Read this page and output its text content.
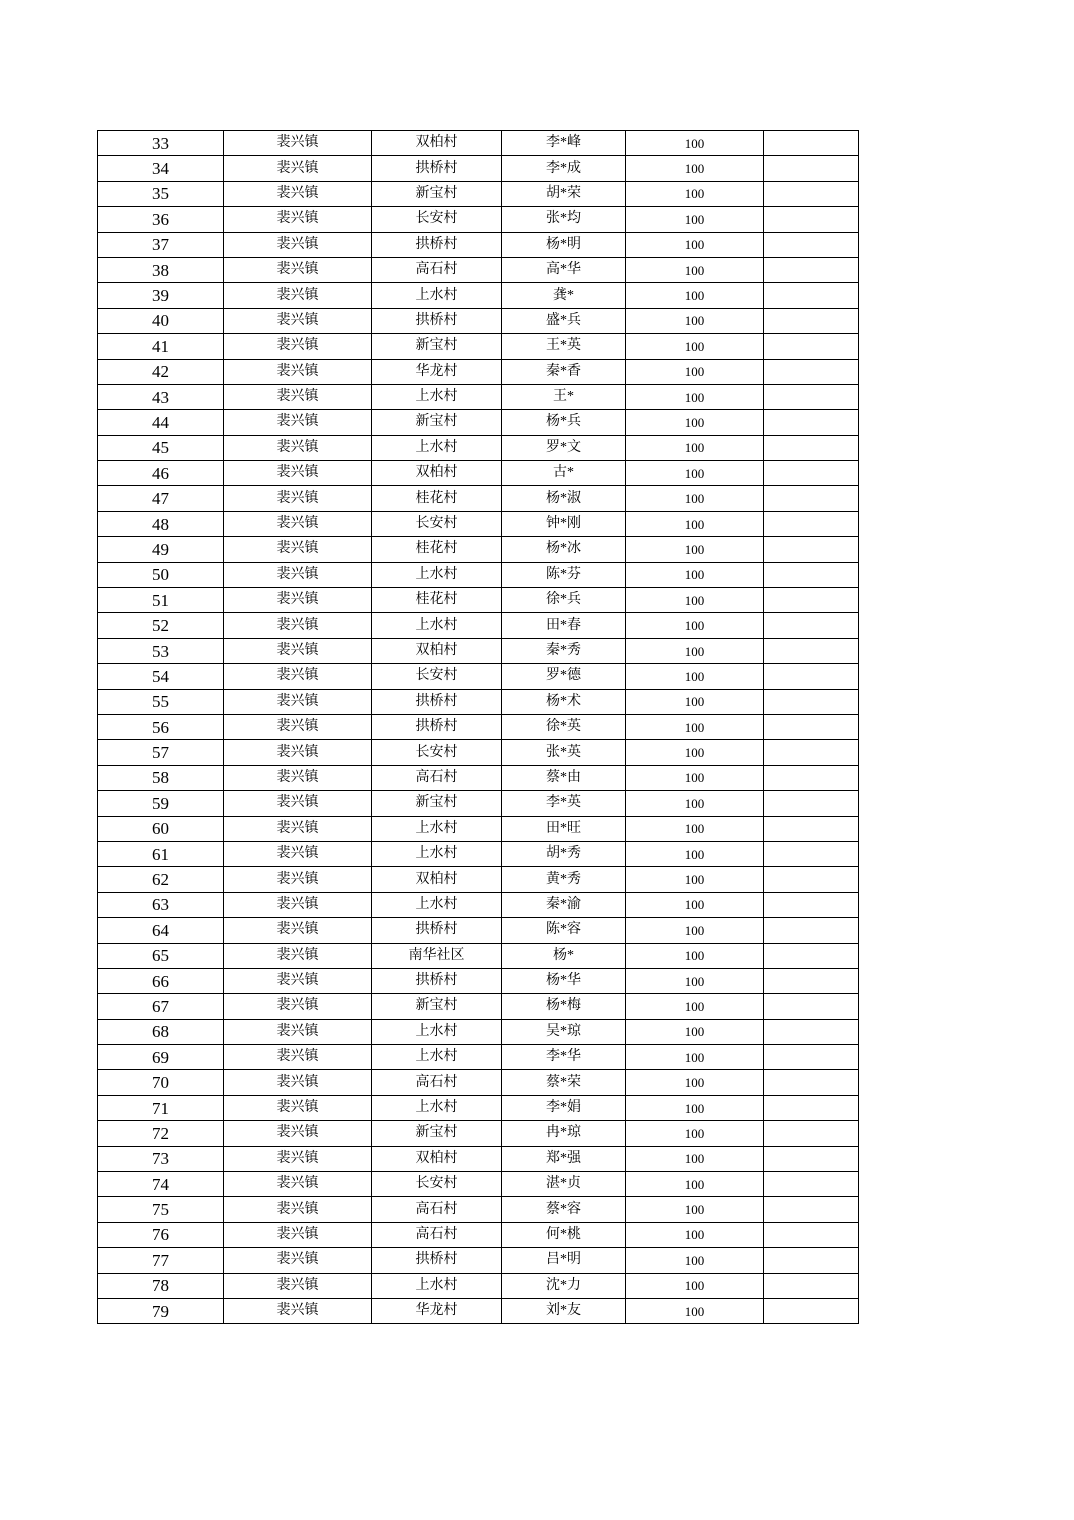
33	裴兴镇	双柏村	李*峰	100	
34	裴兴镇	拱桥村	李*成	100	
35	裴兴镇	新宝村	胡*荣	100	
36	裴兴镇	长安村	张*均	100	
37	裴兴镇	拱桥村	杨*明	100	
38	裴兴镇	高石村	高*华	100	
39	裴兴镇	上水村	龚*	100	
40	裴兴镇	拱桥村	盛*兵	100	
41	裴兴镇	新宝村	王*英	100	
42	裴兴镇	华龙村	秦*香	100	
43	裴兴镇	上水村	王*	100	
44	裴兴镇	新宝村	杨*兵	100	
45	裴兴镇	上水村	罗*文	100	
46	裴兴镇	双柏村	古*	100	
47	裴兴镇	桂花村	杨*淑	100	
48	裴兴镇	长安村	钟*刚	100	
49	裴兴镇	桂花村	杨*冰	100	
50	裴兴镇	上水村	陈*芬	100	
51	裴兴镇	桂花村	徐*兵	100	
52	裴兴镇	上水村	田*春	100	
53	裴兴镇	双柏村	秦*秀	100	
54	裴兴镇	长安村	罗*德	100	
55	裴兴镇	拱桥村	杨*术	100	
56	裴兴镇	拱桥村	徐*英	100	
57	裴兴镇	长安村	张*英	100	
58	裴兴镇	高石村	蔡*由	100	
59	裴兴镇	新宝村	李*英	100	
60	裴兴镇	上水村	田*旺	100	
61	裴兴镇	上水村	胡*秀	100	
62	裴兴镇	双柏村	黄*秀	100	
63	裴兴镇	上水村	秦*渝	100	
64	裴兴镇	拱桥村	陈*容	100	
65	裴兴镇	南华社区	杨*	100	
66	裴兴镇	拱桥村	杨*华	100	
67	裴兴镇	新宝村	杨*梅	100	
68	裴兴镇	上水村	吴*琼	100	
69	裴兴镇	上水村	李*华	100	
70	裴兴镇	高石村	蔡*荣	100	
71	裴兴镇	上水村	李*娟	100	
72	裴兴镇	新宝村	冉*琼	100	
73	裴兴镇	双柏村	郑*强	100	
74	裴兴镇	长安村	湛*贞	100	
75	裴兴镇	高石村	蔡*容	100	
76	裴兴镇	高石村	何*桃	100	
77	裴兴镇	拱桥村	吕*明	100	
78	裴兴镇	上水村	沈*力	100	
79	裴兴镇	华龙村	刘*友	100	
